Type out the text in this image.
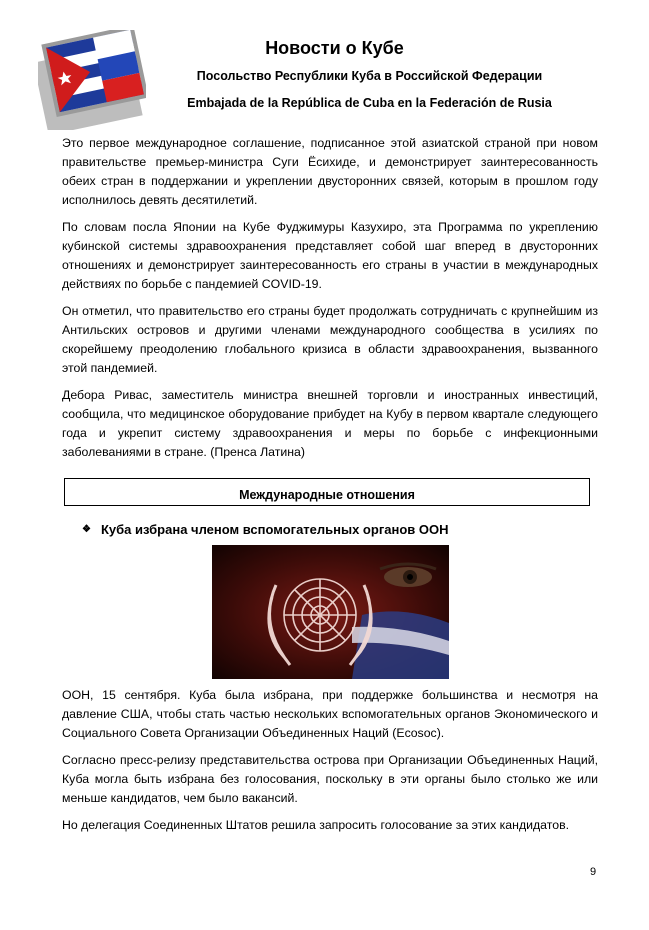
Новости о Кубе
Посольство Республики Куба в Российской Федерации
Embajada de la República de Cuba en la Federación de Rusia

Это первое международное соглашение, подписанное этой азиатской страной при новом правительстве премьер-министра Суги Ёсихиде, и демонстрирует заинтересованность обеих стран в поддержании и укреплении двусторонних связей, которым в прошлом году исполнилось девять десятилетий.

По словам посла Японии на Кубе Фуджимуры Казухиро, эта Программа по укреплению кубинской системы здравоохранения представляет собой шаг вперед в двусторонних отношениях и демонстрирует заинтересованность его страны в участии в международных действиях по борьбе с пандемией COVID-19.

Он отметил, что правительство его страны будет продолжать сотрудничать с крупнейшим из Антильских островов и другими членами международного сообщества в усилиях по скорейшему преодолению глобального кризиса в области здравоохранения, вызванного этой пандемией.

Дебора Ривас, заместитель министра внешней торговли и иностранных инвестиций, сообщила, что медицинское оборудование прибудет на Кубу в первом квартале следующего года и укрепит систему здравоохранения и меры по борьбе с инфекционными заболеваниями в стране. (Пренса Латина)

Международные отношения
❖ Куба избрана членом вспомогательных органов ООН

ООН, 15 сентября. Куба была избрана, при поддержке большинства и несмотря на давление США, чтобы стать частью нескольких вспомогательных органов Экономического и Социального Совета Организации Объединенных Наций (Ecosoc).

Согласно пресс-релизу представительства острова при Организации Объединенных Наций, Куба могла быть избрана без голосования, поскольку в эти органы было столько же или меньше кандидатов, чем было вакансий.

Но делегация Соединенных Штатов решила запросить голосование за этих кандидатов.

9
